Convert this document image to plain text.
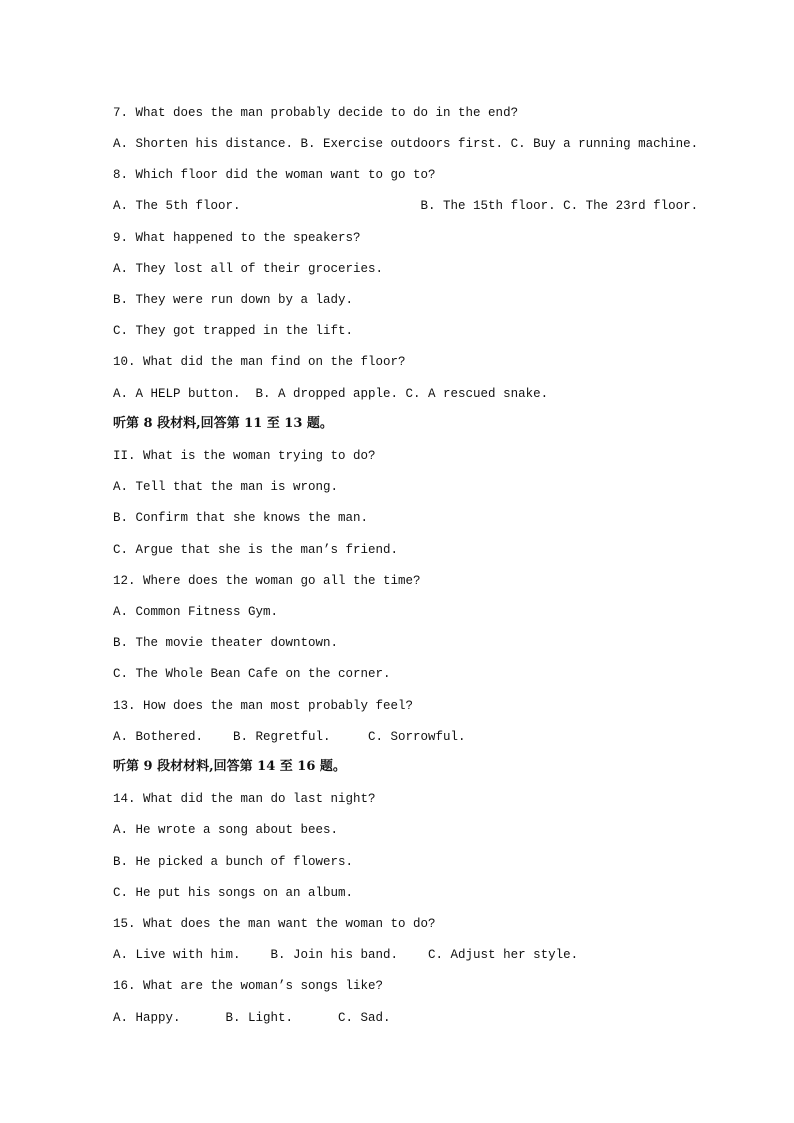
7. What does the man probably decide to do in the end?
A. Shorten his distance. B. Exercise outdoors first. C. Buy a running machine.
8. Which floor did the woman want to go to?
A. The 5th floor.                        B. The 15th floor. C. The 23rd floor.
9. What happened to the speakers?
A. They lost all of their groceries.
B. They were run down by a lady.
C. They got trapped in the lift.
10. What did the man find on the floor?
A. A HELP button.  B. A dropped apple. C. A rescued snake.
听第 8 段材料,回答第 11 至 13 题。
II. What is the woman trying to do?
A. Tell that the man is wrong.
B. Confirm that she knows the man.
C. Argue that she is the man’s friend.
12. Where does the woman go all the time?
A. Common Fitness Gym.
B. The movie theater downtown.
C. The Whole Bean Cafe on the corner.
13. How does the man most probably feel?
A. Bothered.    B. Regretful.     C. Sorrowful.
听第 9 段材材料,回答第 14 至 16 题。
14. What did the man do last night?
A. He wrote a song about bees.
B. He picked a bunch of flowers.
C. He put his songs on an album.
15. What does the man want the woman to do?
A. Live with him.    B. Join his band.    C. Adjust her style.
16. What are the woman’s songs like?
A. Happy.      B. Light.      C. Sad.
